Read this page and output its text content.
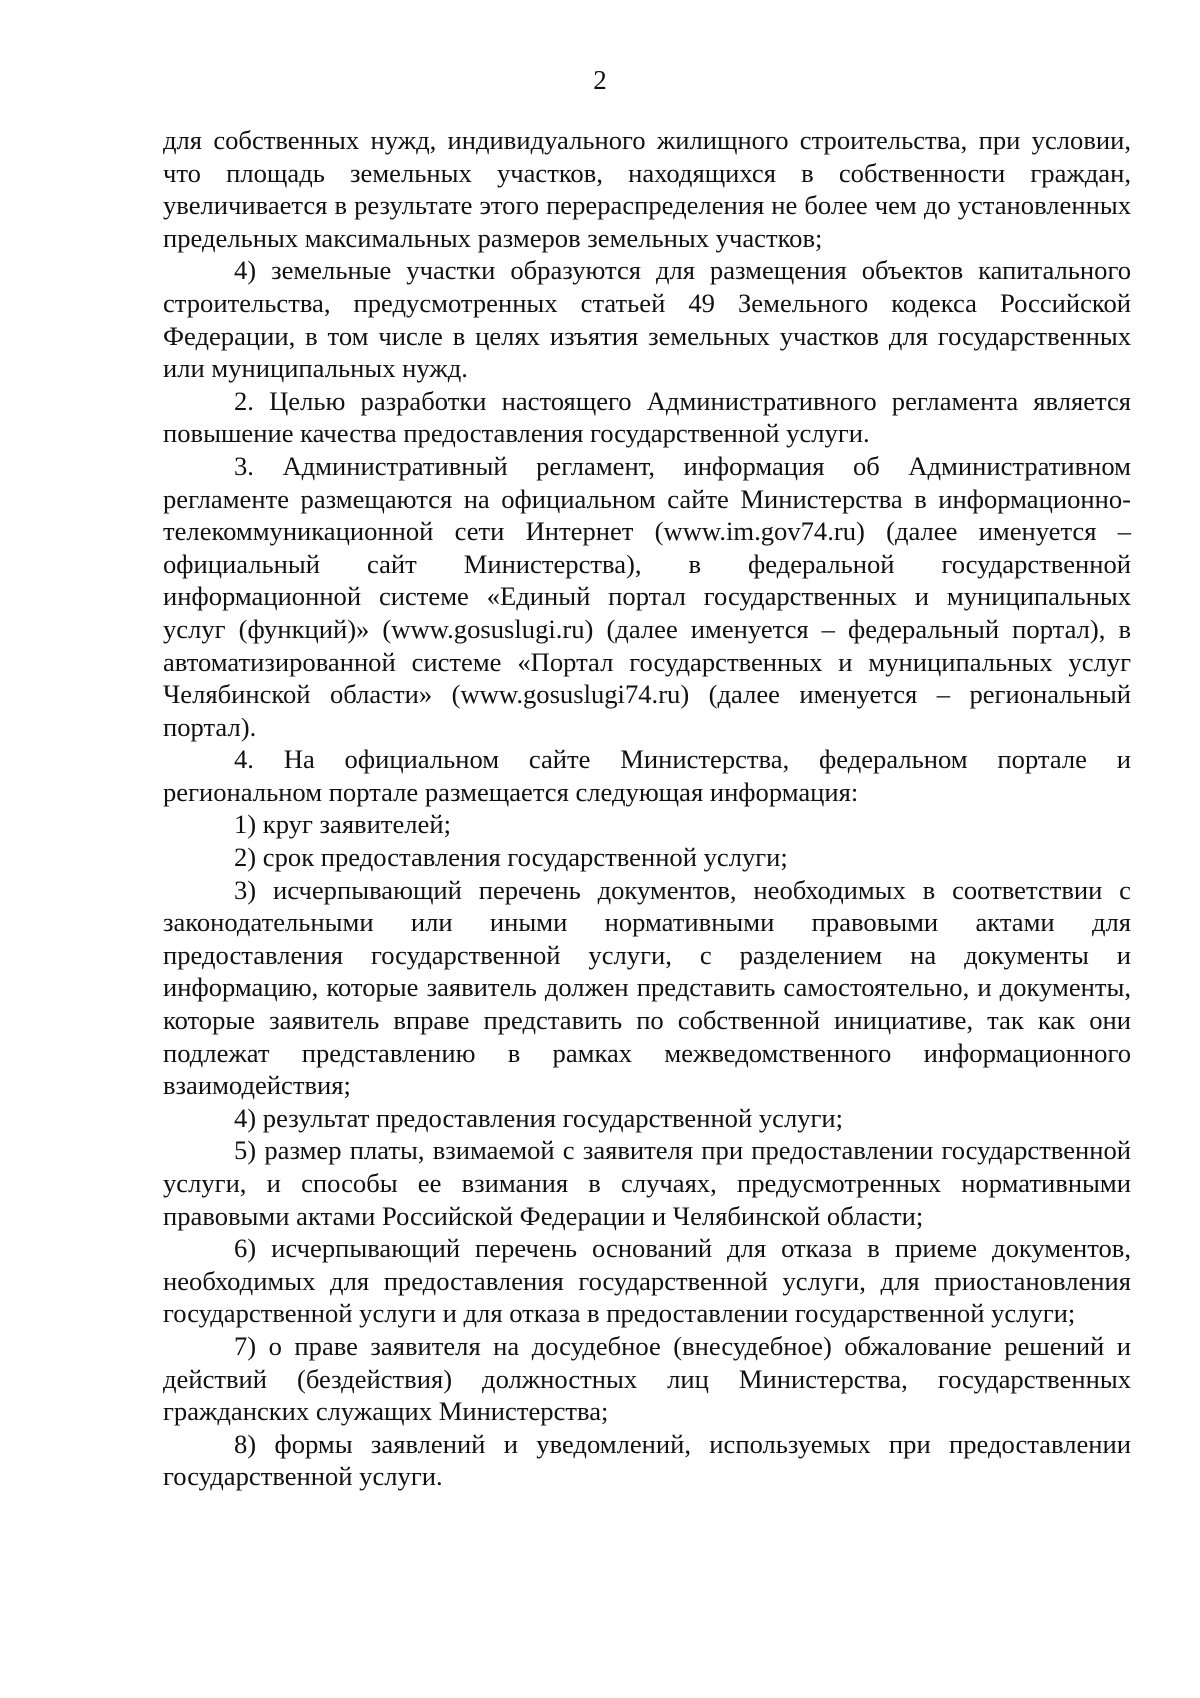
2

для собственных нужд, индивидуального жилищного строительства, при условии, что площадь земельных участков, находящихся в собственности граждан, увеличивается в результате этого перераспределения не более чем до установленных предельных максимальных размеров земельных участков;

4) земельные участки образуются для размещения объектов капитального строительства, предусмотренных статьей 49 Земельного кодекса Российской Федерации, в том числе в целях изъятия земельных участков для государственных или муниципальных нужд.

2. Целью разработки настоящего Административного регламента является повышение качества предоставления государственной услуги.

3. Административный регламент, информация об Административном регламенте размещаются на официальном сайте Министерства в информационно-телекоммуникационной сети Интернет (www.im.gov74.ru) (далее именуется – официальный сайт Министерства), в федеральной государственной информационной системе «Единый портал государственных и муниципальных услуг (функций)» (www.gosuslugi.ru) (далее именуется – федеральный портал), в автоматизированной системе «Портал государственных и муниципальных услуг Челябинской области» (www.gosuslugi74.ru) (далее именуется – региональный портал).

4. На официальном сайте Министерства, федеральном портале и региональном портале размещается следующая информация:

1) круг заявителей;

2) срок предоставления государственной услуги;

3) исчерпывающий перечень документов, необходимых в соответствии с законодательными или иными нормативными правовыми актами для предоставления государственной услуги, с разделением на документы и информацию, которые заявитель должен представить самостоятельно, и документы, которые заявитель вправе представить по собственной инициативе, так как они подлежат представлению в рамках межведомственного информационного взаимодействия;

4) результат предоставления государственной услуги;

5) размер платы, взимаемой с заявителя при предоставлении государственной услуги, и способы ее взимания в случаях, предусмотренных нормативными правовыми актами Российской Федерации и Челябинской области;

6) исчерпывающий перечень оснований для отказа в приеме документов, необходимых для предоставления государственной услуги, для приостановления государственной услуги и для отказа в предоставлении государственной услуги;

7) о праве заявителя на досудебное (внесудебное) обжалование решений и действий (бездействия) должностных лиц Министерства, государственных гражданских служащих Министерства;

8) формы заявлений и уведомлений, используемых при предоставлении государственной услуги.
